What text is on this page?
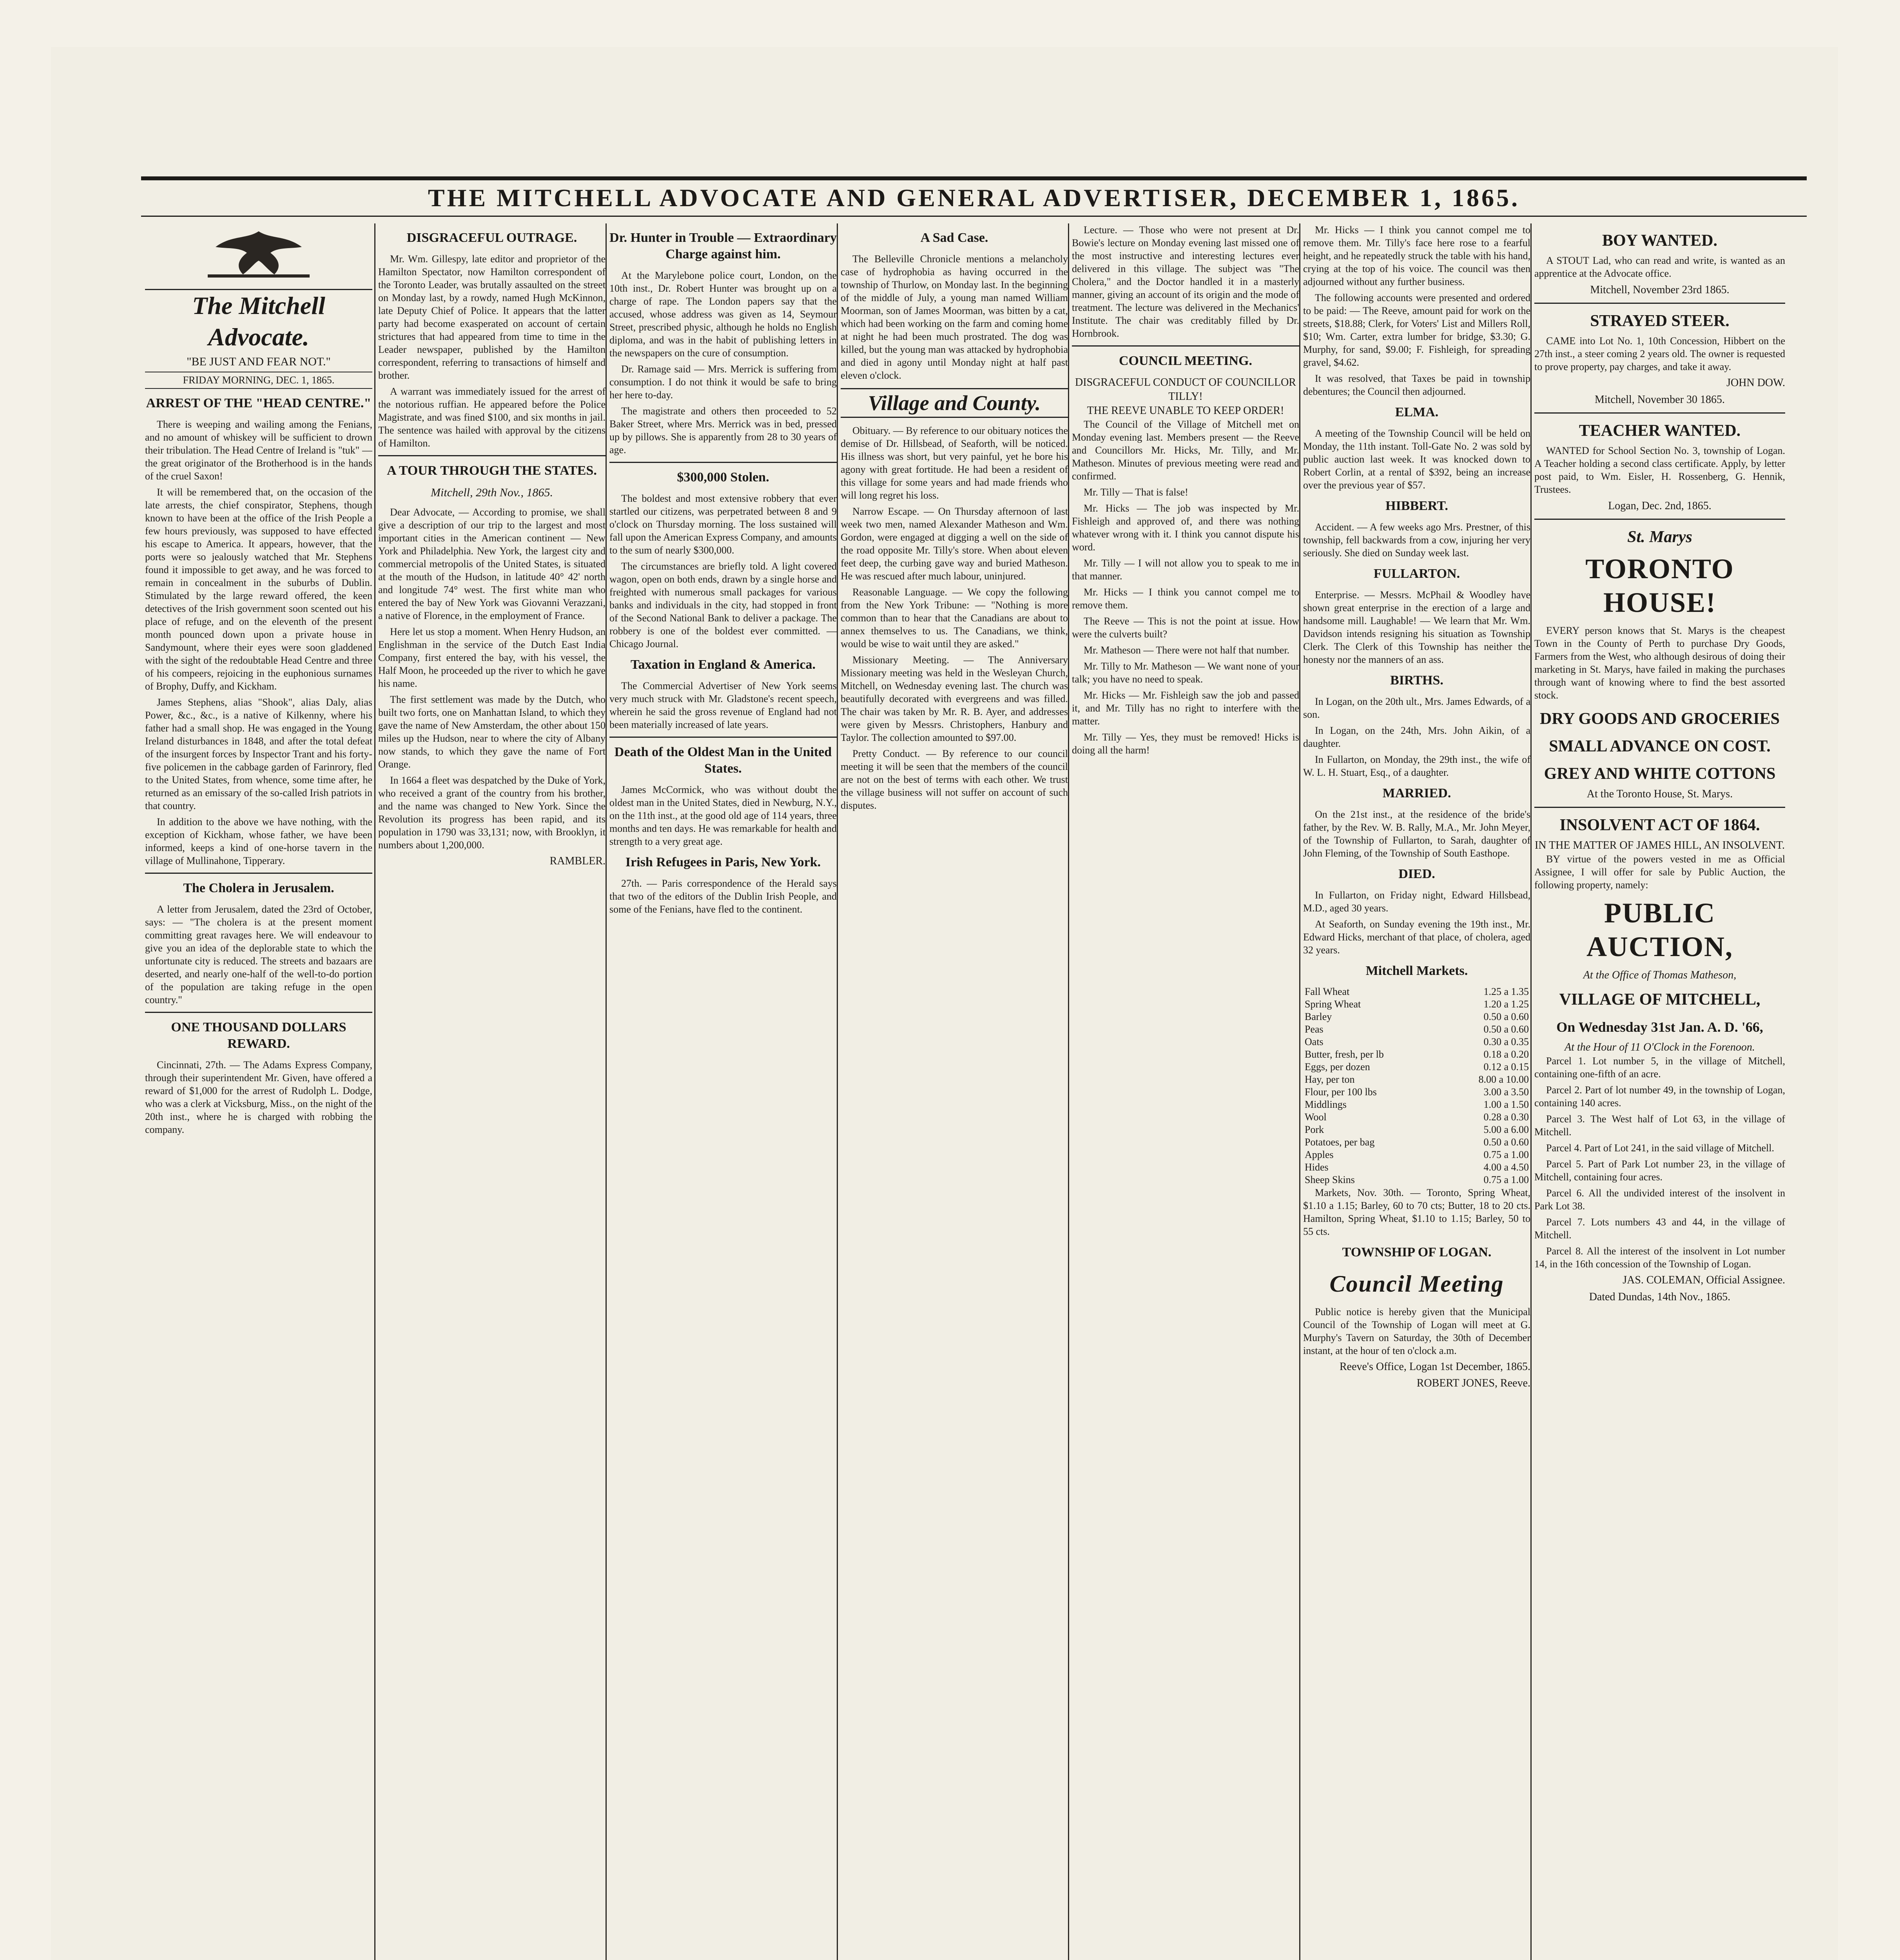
THE MITCHELL ADVOCATE AND GENERAL ADVERTISER, DECEMBER 1, 1865.
The Mitchell Advocate.
"BE JUST AND FEAR NOT."
FRIDAY MORNING, DEC. 1, 1865.
ARREST OF THE "HEAD CENTRE."

There is weeping and wailing among the Fenians, and no amount of whiskey will be sufficient to drown their tribulation. The Head Centre of Ireland is "tuk" — the great originator of the Brotherhood is in the hands of the cruel Saxon!

It will be remembered that, on the occasion of the late arrests, the chief conspirator, Stephens, though known to have been at the office of the Irish People a few hours previously, was supposed to have effected his escape to America. It appears, however, that the ports were so jealously watched that Mr. Stephens found it impossible to get away, and he was forced to remain in concealment in the suburbs of Dublin. Stimulated by the large reward offered, the keen detectives of the Irish government soon scented out his place of refuge, and on the eleventh of the present month pounced down upon a private house in Sandymount, where their eyes were soon gladdened with the sight of the redoubtable Head Centre and three of his compeers, rejoicing in the euphonious surnames of Brophy, Duffy, and Kickham.

James Stephens, alias "Shook", alias Daly, alias Power, &c., &c., is a native of Kilkenny, where his father had a small shop. He was engaged in the Young Ireland disturbances in 1848, and after the total defeat of the insurgent forces by Inspector Trant and his forty-five policemen in the cabbage garden of Farinrory, fled to the United States, from whence, some time after, he returned as an emissary of the so-called Irish patriots in that country.

In addition to the above we have nothing, with the exception of Kickham, whose father, we have been informed, keeps a kind of one-horse tavern in the village of Mullinahone, Tipperary.

The Cholera in Jerusalem.

A letter from Jerusalem, dated the 23rd of October, says: — "The cholera is at the present moment committing great ravages here. We will endeavour to give you an idea of the deplorable state to which the unfortunate city is reduced. The streets and bazaars are deserted, and nearly one-half of the well-to-do portion of the population are taking refuge in the open country."

ONE THOUSAND DOLLARS REWARD.

Cincinnati, 27th. — The Adams Express Company, through their superintendent Mr. Given, have offered a reward of $1,000 for the arrest of Rudolph L. Dodge, who was a clerk at Vicksburg, Miss., on the night of the 20th inst., where he is charged with robbing the company.

DISGRACEFUL OUTRAGE.

Mr. Wm. Gillespy, late editor and proprietor of the Hamilton Spectator, now Hamilton correspondent of the Toronto Leader, was brutally assaulted on the street on Monday last, by a rowdy, named Hugh McKinnon, late Deputy Chief of Police. It appears that the latter party had become exasperated on account of certain strictures that had appeared from time to time in the Leader newspaper, published by the Hamilton correspondent, referring to transactions of himself and brother.

A warrant was immediately issued for the arrest of the notorious ruffian. He appeared before the Police Magistrate, and was fined $100, and six months in jail. The sentence was hailed with approval by the citizens of Hamilton.

A TOUR THROUGH THE STATES.
Mitchell, 29th Nov., 1865.

Dear Advocate, — According to promise, we shall give a description of our trip to the largest and most important cities in the American continent — New York and Philadelphia. New York, the largest city and commercial metropolis of the United States, is situated at the mouth of the Hudson, in latitude 40° 42' north and longitude 74° west. The first white man who entered the bay of New York was Giovanni Verazzani, a native of Florence, in the employment of France.

Here let us stop a moment. When Henry Hudson, an Englishman in the service of the Dutch East India Company, first entered the bay, with his vessel, the Half Moon, he proceeded up the river to which he gave his name.

The first settlement was made by the Dutch, who built two forts, one on Manhattan Island, to which they gave the name of New Amsterdam, the other about 150 miles up the Hudson, near to where the city of Albany now stands, to which they gave the name of Fort Orange.

In 1664 a fleet was despatched by the Duke of York, who received a grant of the country from his brother, and the name was changed to New York. Since the Revolution its progress has been rapid, and its population in 1790 was 33,131; now, with Brooklyn, it numbers about 1,200,000.

RAMBLER.
Dr. Hunter in Trouble — Extraordinary Charge against him.

At the Marylebone police court, London, on the 10th inst., Dr. Robert Hunter was brought up on a charge of rape. The London papers say that the accused, whose address was given as 14, Seymour Street, prescribed physic, although he holds no English diploma, and was in the habit of publishing letters in the newspapers on the cure of consumption.

Dr. Ramage said — Mrs. Merrick is suffering from consumption. I do not think it would be safe to bring her here to-day.

The magistrate and others then proceeded to 52 Baker Street, where Mrs. Merrick was in bed, pressed up by pillows. She is apparently from 28 to 30 years of age.

$300,000 Stolen.

The boldest and most extensive robbery that ever startled our citizens, was perpetrated between 8 and 9 o'clock on Thursday morning. The loss sustained will fall upon the American Express Company, and amounts to the sum of nearly $300,000.

The circumstances are briefly told. A light covered wagon, open on both ends, drawn by a single horse and freighted with numerous small packages for various banks and individuals in the city, had stopped in front of the Second National Bank to deliver a package. The robbery is one of the boldest ever committed. — Chicago Journal.

Taxation in England & America.

The Commercial Advertiser of New York seems very much struck with Mr. Gladstone's recent speech, wherein he said the gross revenue of England had not been materially increased of late years.

Death of the Oldest Man in the United States.

James McCormick, who was without doubt the oldest man in the United States, died in Newburg, N.Y., on the 11th inst., at the good old age of 114 years, three months and ten days. He was remarkable for health and strength to a very great age.

Irish Refugees in Paris, New York.

27th. — Paris correspondence of the Herald says that two of the editors of the Dublin Irish People, and some of the Fenians, have fled to the continent.

A Sad Case.

The Belleville Chronicle mentions a melancholy case of hydrophobia as having occurred in the township of Thurlow, on Monday last. In the beginning of the middle of July, a young man named William Moorman, son of James Moorman, was bitten by a cat, which had been working on the farm and coming home at night he had been much prostrated. The dog was killed, but the young man was attacked by hydrophobia and died in agony until Monday night at half past eleven o'clock.

Village and County.

Obituary. — By reference to our obituary notices the demise of Dr. Hillsbead, of Seaforth, will be noticed. His illness was short, but very painful, yet he bore his agony with great fortitude. He had been a resident of this village for some years and had made friends who will long regret his loss.

Narrow Escape. — On Thursday afternoon of last week two men, named Alexander Matheson and Wm. Gordon, were engaged at digging a well on the side of the road opposite Mr. Tilly's store. When about eleven feet deep, the curbing gave way and buried Matheson. He was rescued after much labour, uninjured.

Reasonable Language. — We copy the following from the New York Tribune: — "Nothing is more common than to hear that the Canadians are about to annex themselves to us. The Canadians, we think, would be wise to wait until they are asked."

Missionary Meeting. — The Anniversary Missionary meeting was held in the Wesleyan Church, Mitchell, on Wednesday evening last. The church was beautifully decorated with evergreens and was filled. The chair was taken by Mr. R. B. Ayer, and addresses were given by Messrs. Christophers, Hanbury and Taylor. The collection amounted to $97.00.

Pretty Conduct. — By reference to our council meeting it will be seen that the members of the council are not on the best of terms with each other. We trust the village business will not suffer on account of such disputes.

Lecture. — Those who were not present at Dr. Bowie's lecture on Monday evening last missed one of the most instructive and interesting lectures ever delivered in this village. The subject was "The Cholera," and the Doctor handled it in a masterly manner, giving an account of its origin and the mode of treatment. The lecture was delivered in the Mechanics' Institute. The chair was creditably filled by Dr. Hornbrook.

COUNCIL MEETING.
DISGRACEFUL CONDUCT OF COUNCILLOR TILLY!
THE REEVE UNABLE TO KEEP ORDER!

The Council of the Village of Mitchell met on Monday evening last. Members present — the Reeve and Councillors Mr. Hicks, Mr. Tilly, and Mr. Matheson. Minutes of previous meeting were read and confirmed.

Mr. Tilly — That is false!

Mr. Hicks — The job was inspected by Mr. Fishleigh and approved of, and there was nothing whatever wrong with it. I think you cannot dispute his word.

Mr. Tilly — I will not allow you to speak to me in that manner.

Mr. Hicks — I think you cannot compel me to remove them.

The Reeve — This is not the point at issue. How were the culverts built?

Mr. Matheson — There were not half that number.

Mr. Tilly to Mr. Matheson — We want none of your talk; you have no need to speak.

Mr. Hicks — Mr. Fishleigh saw the job and passed it, and Mr. Tilly has no right to interfere with the matter.

Mr. Tilly — Yes, they must be removed! Hicks is doing all the harm!

Mr. Hicks — I think you cannot compel me to remove them. Mr. Tilly's face here rose to a fearful height, and he repeatedly struck the table with his hand, crying at the top of his voice. The council was then adjourned without any further business.

The following accounts were presented and ordered to be paid: — The Reeve, amount paid for work on the streets, $18.88; Clerk, for Voters' List and Millers Roll, $10; Wm. Carter, extra lumber for bridge, $3.30; G. Murphy, for sand, $9.00; F. Fishleigh, for spreading gravel, $4.62.

It was resolved, that Taxes be paid in township debentures; the Council then adjourned.

ELMA.

A meeting of the Township Council will be held on Monday, the 11th instant. Toll-Gate No. 2 was sold by public auction last week. It was knocked down to Robert Corlin, at a rental of $392, being an increase over the previous year of $57.

HIBBERT.

Accident. — A few weeks ago Mrs. Prestner, of this township, fell backwards from a cow, injuring her very seriously. She died on Sunday week last.

FULLARTON.

Enterprise. — Messrs. McPhail & Woodley have shown great enterprise in the erection of a large and handsome mill. Laughable! — We learn that Mr. Wm. Davidson intends resigning his situation as Township Clerk. The Clerk of this Township has neither the honesty nor the manners of an ass.

BIRTHS.

In Logan, on the 20th ult., Mrs. James Edwards, of a son.

In Logan, on the 24th, Mrs. John Aikin, of a daughter.

In Fullarton, on Monday, the 29th inst., the wife of W. L. H. Stuart, Esq., of a daughter.

MARRIED.

On the 21st inst., at the residence of the bride's father, by the Rev. W. B. Rally, M.A., Mr. John Meyer, of the Township of Fullarton, to Sarah, daughter of John Fleming, of the Township of South Easthope.

DIED.

In Fullarton, on Friday night, Edward Hillsbead, M.D., aged 30 years.

At Seaforth, on Sunday evening the 19th inst., Mr. Edward Hicks, merchant of that place, of cholera, aged 32 years.

Mitchell Markets.
Fall Wheat	1.25 a 1.35
Spring Wheat	1.20 a 1.25
Barley	0.50 a 0.60
Peas	0.50 a 0.60
Oats	0.30 a 0.35
Butter, fresh, per lb	0.18 a 0.20
Eggs, per dozen	0.12 a 0.15
Hay, per ton	8.00 a 10.00
Flour, per 100 lbs	3.00 a 3.50
Middlings	1.00 a 1.50
Wool	0.28 a 0.30
Pork	5.00 a 6.00
Potatoes, per bag	0.50 a 0.60
Apples	0.75 a 1.00
Hides	4.00 a 4.50
Sheep Skins	0.75 a 1.00

Markets, Nov. 30th. — Toronto, Spring Wheat, $1.10 a 1.15; Barley, 60 to 70 cts; Butter, 18 to 20 cts. Hamilton, Spring Wheat, $1.10 to 1.15; Barley, 50 to 55 cts.

TOWNSHIP OF LOGAN.
Council Meeting

Public notice is hereby given that the Municipal Council of the Township of Logan will meet at G. Murphy's Tavern on Saturday, the 30th of December instant, at the hour of ten o'clock a.m.

Reeve's Office, Logan 1st December, 1865.
ROBERT JONES, Reeve.
BOY WANTED.

A STOUT Lad, who can read and write, is wanted as an apprentice at the Advocate office.

Mitchell, November 23rd 1865.
STRAYED STEER.

CAME into Lot No. 1, 10th Concession, Hibbert on the 27th inst., a steer coming 2 years old. The owner is requested to prove property, pay charges, and take it away.

JOHN DOW.
Mitchell, November 30 1865.
TEACHER WANTED.

WANTED for School Section No. 3, township of Logan. A Teacher holding a second class certificate. Apply, by letter post paid, to Wm. Eisler, H. Rossenberg, G. Hennik, Trustees.

Logan, Dec. 2nd, 1865.
St. Marys
TORONTO HOUSE!

EVERY person knows that St. Marys is the cheapest Town in the County of Perth to purchase Dry Goods, Farmers from the West, who although desirous of doing their marketing in St. Marys, have failed in making the purchases through want of knowing where to find the best assorted stock.

DRY GOODS AND GROCERIES
SMALL ADVANCE ON COST.
GREY AND WHITE COTTONS
At the Toronto House, St. Marys.
INSOLVENT ACT OF 1864.
IN THE MATTER OF JAMES HILL, AN INSOLVENT.

BY virtue of the powers vested in me as Official Assignee, I will offer for sale by Public Auction, the following property, namely:

PUBLIC AUCTION,
At the Office of Thomas Matheson,
VILLAGE OF MITCHELL,
On Wednesday 31st Jan. A. D. '66,
At the Hour of 11 O'Clock in the Forenoon.

Parcel 1. Lot number 5, in the village of Mitchell, containing one-fifth of an acre.

Parcel 2. Part of lot number 49, in the township of Logan, containing 140 acres.

Parcel 3. The West half of Lot 63, in the village of Mitchell.

Parcel 4. Part of Lot 241, in the said village of Mitchell.

Parcel 5. Part of Park Lot number 23, in the village of Mitchell, containing four acres.

Parcel 6. All the undivided interest of the insolvent in Park Lot 38.

Parcel 7. Lots numbers 43 and 44, in the village of Mitchell.

Parcel 8. All the interest of the insolvent in Lot number 14, in the 16th concession of the Township of Logan.

JAS. COLEMAN, Official Assignee.
Dated Dundas, 14th Nov., 1865.
